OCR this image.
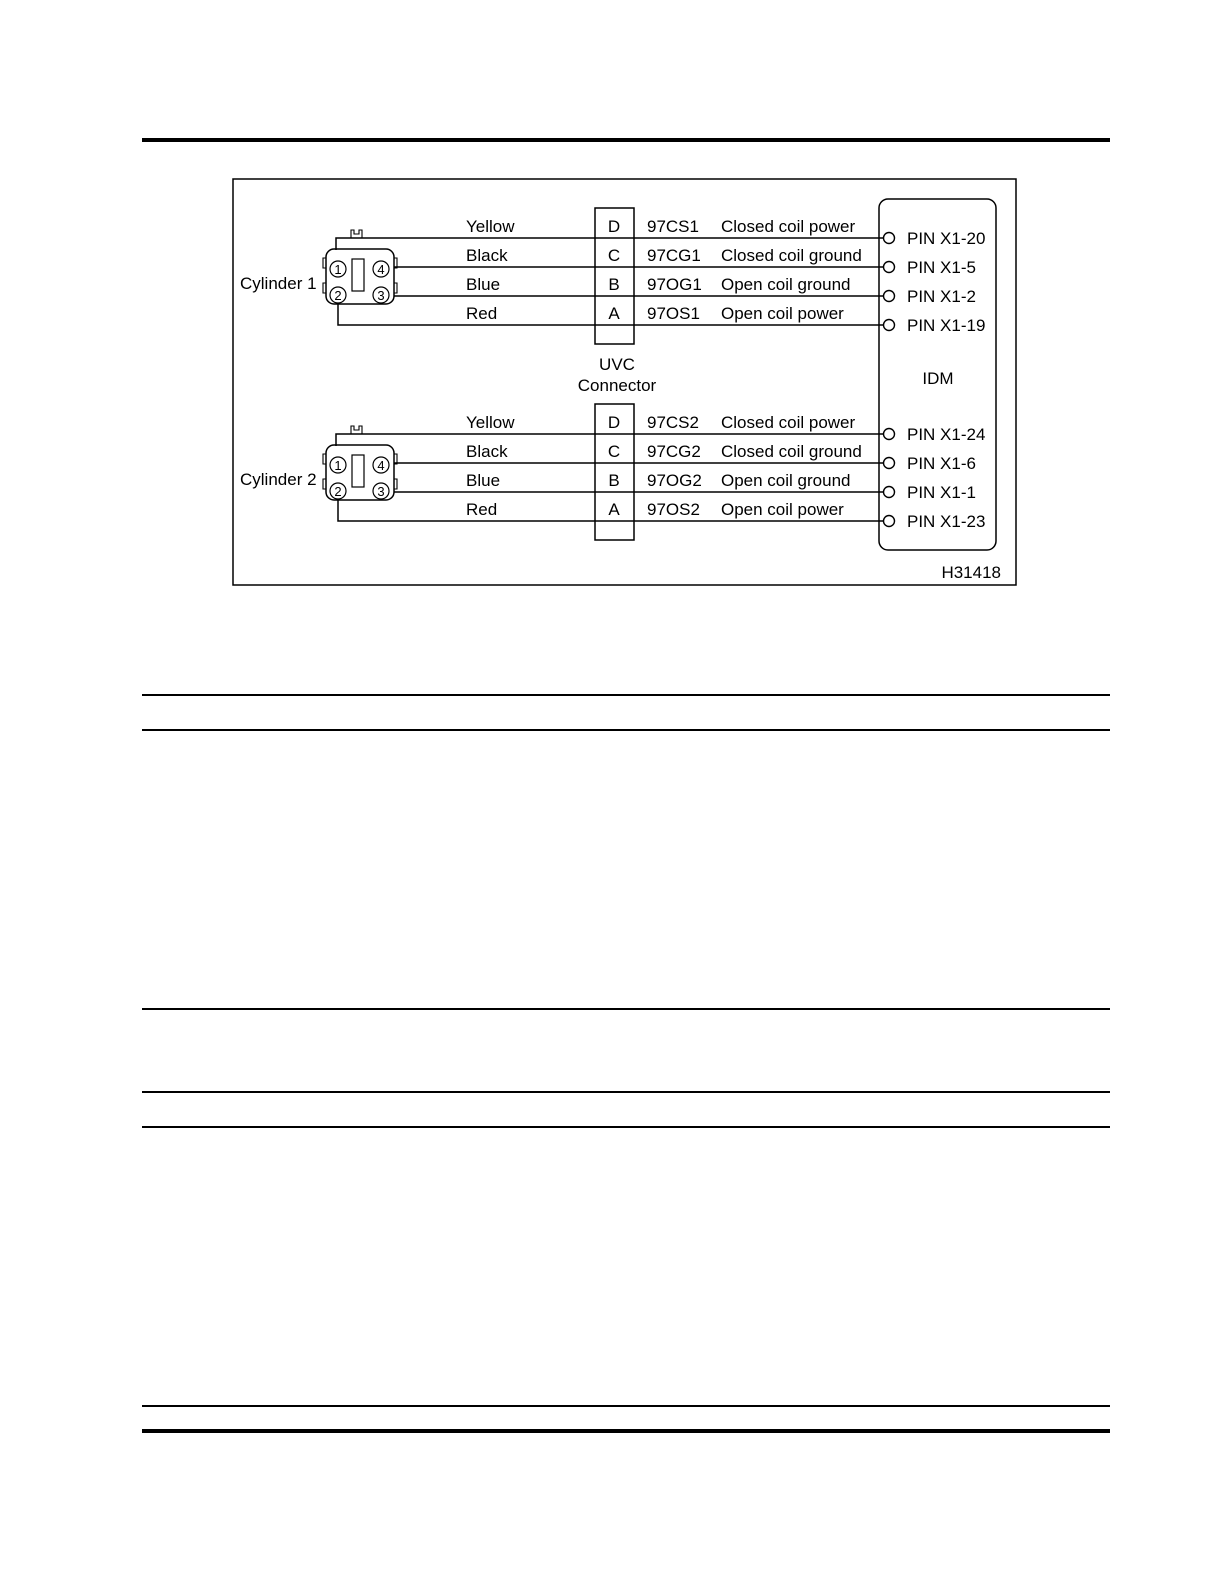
IDM
UVC
Connector
H31418
1	4
2	3
Cylinder 1
Yellow	D 97CS1 Closed coil power
PIN X1-20
Black	C 97CG1 Closed coil ground
PIN X1-5
Blue	B 97OG1 Open coil ground
PIN X1-2
Red	A 97OS1 Open coil power
PIN X1-19
1	4
2	3
Cylinder 2
Yellow	D 97CS2 Closed coil power
PIN X1-24
Black	C 97CG2 Closed coil ground
PIN X1-6
Blue	B 97OG2 Open coil ground
PIN X1-1
Red	A 97OS2 Open coil power
PIN X1-23
